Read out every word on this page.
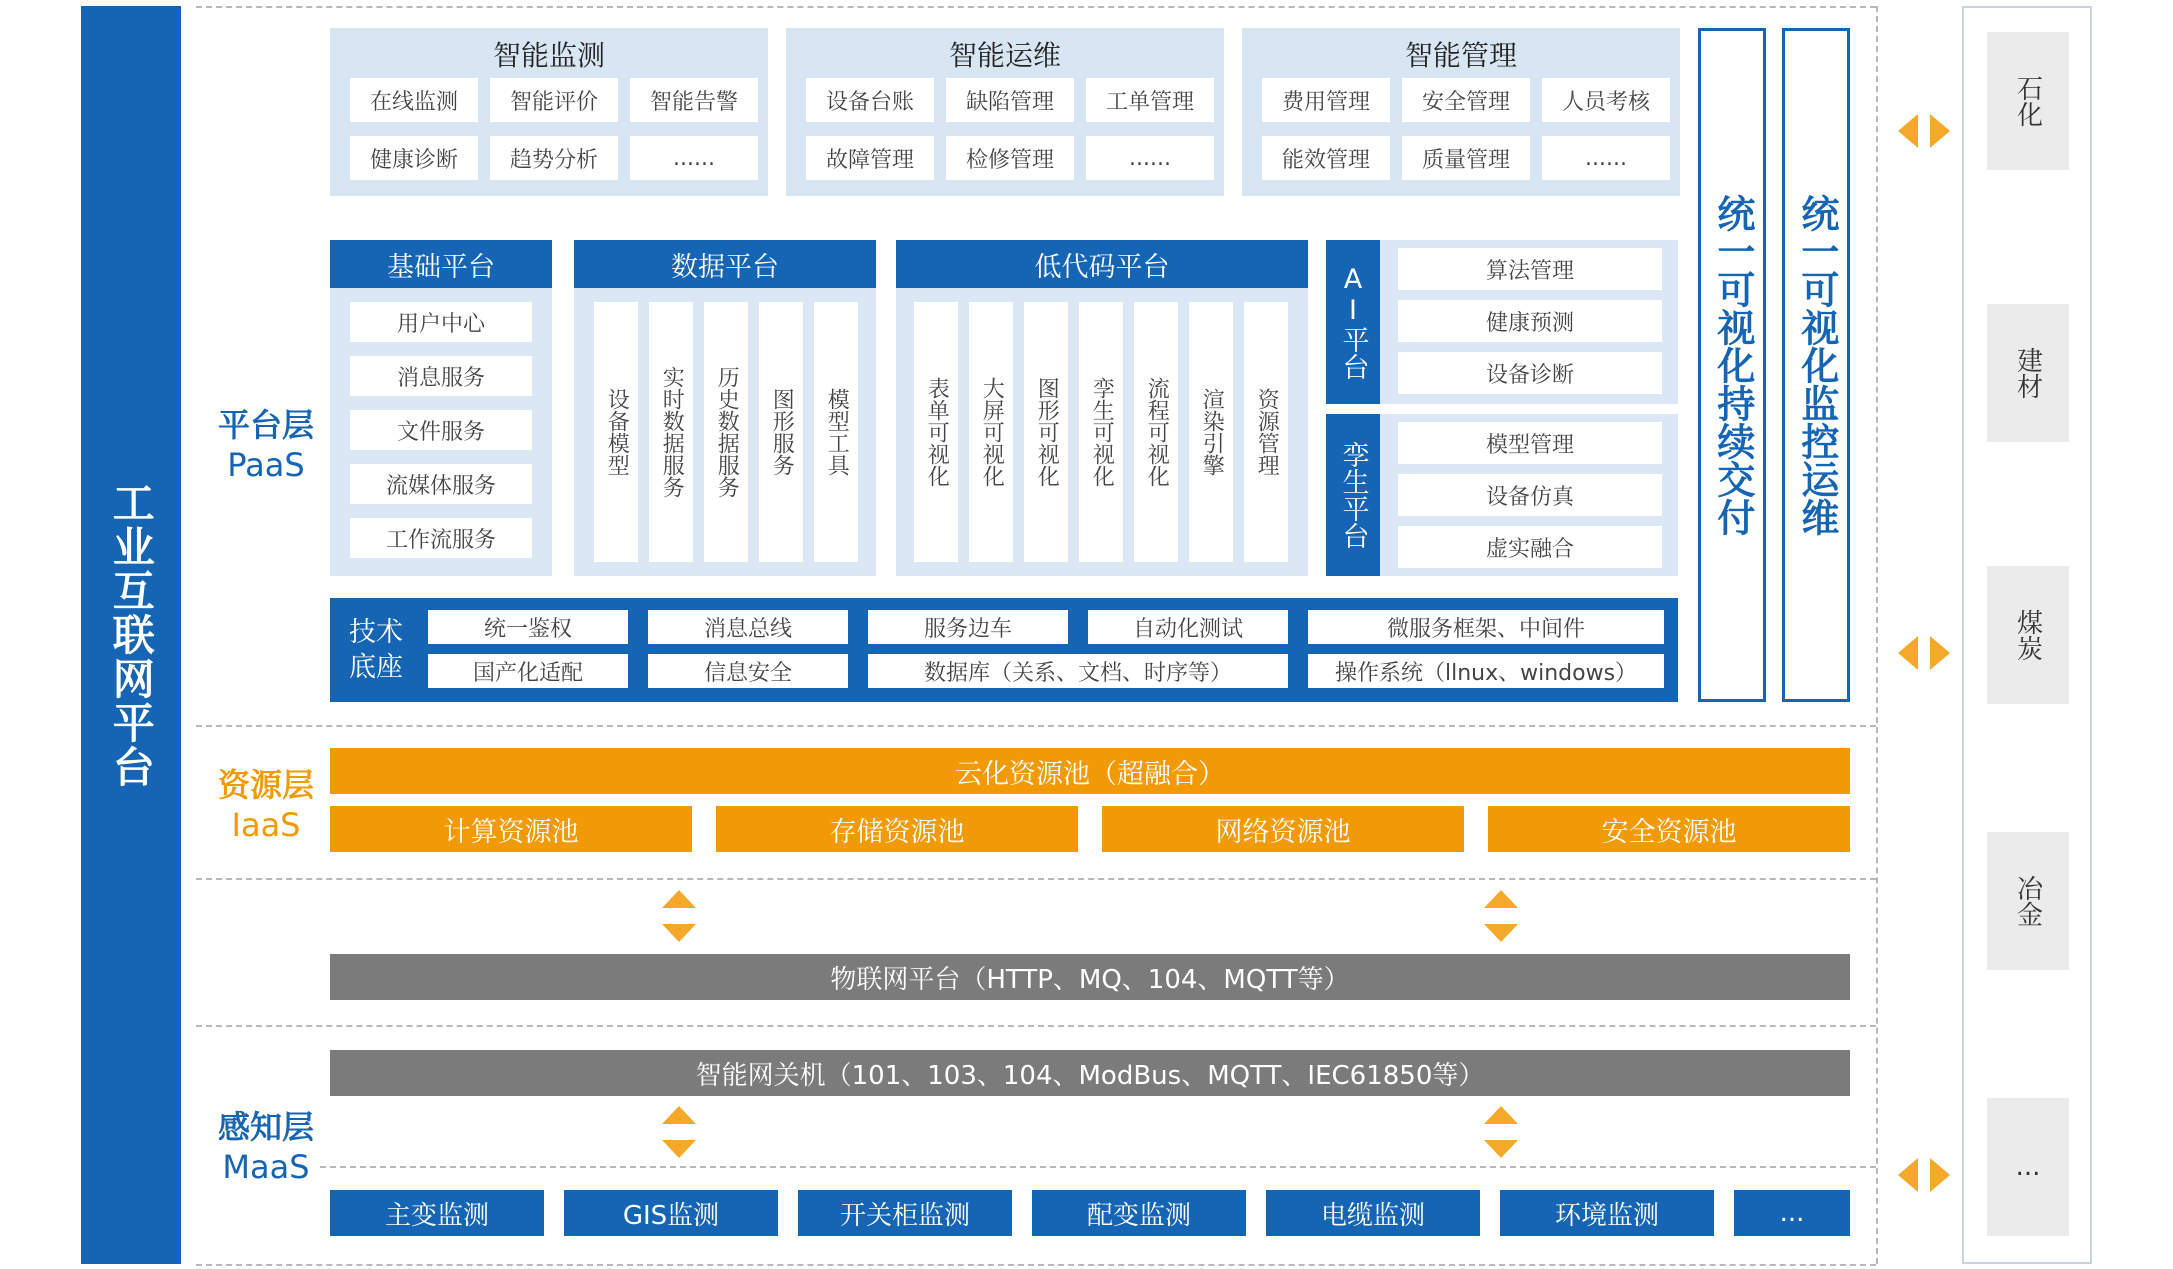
工业互联网平台
平台层
PaaS
资源层
IaaS
感知层
MaaS
智能监测
在线监测	智能评价	智能告警
健康诊断	趋势分析	......
智能运维
设备台账	缺陷管理	工单管理
故障管理	检修管理	......
智能管理
费用管理	安全管理	人员考核
能效管理	质量管理	......
基础平台
用户中心
消息服务
文件服务
流媒体服务
工作流服务
数据平台
设备模型	实时数据服务	历史数据服务	图形服务	模型工具
低代码平台
表单可视化	大屏可视化	图形可视化	孪生可视化	流程可视化	渲染引擎	资源管理
AI平台	算法管理
健康预测
设备诊断
孪生平台	模型管理
设备仿真
虚实融合
技术底座
统一鉴权	消息总线	服务边车	自动化测试	微服务框架、中间件
国产化适配	信息安全	数据库（关系、文档、时序等）	操作系统（llnux、windows）
统一可视化持续交付	统一可视化监控运维
云化资源池（超融合）
计算资源池	存储资源池	网络资源池	安全资源池
物联网平台（HTTP、MQ、104、MQTT等）
智能网关机（101、103、104、ModBus、MQTT、IEC61850等）
主变监测	GIS监测	开关柜监测	配变监测	电缆监测	环境监测	...
石化
建材
煤炭
冶金
...
